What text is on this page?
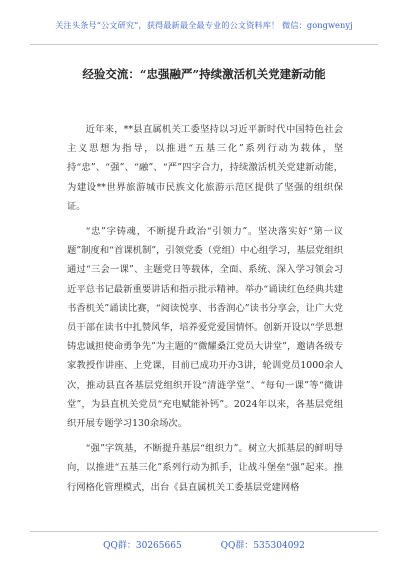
关注头条号“公文研究”，获得最新最全最专业的公文资料库！ 微信：gongwenyj
经验交流：“忠强融严”持续激活机关党建新动能

近年来，**县直属机关工委坚持以习近平新时代中国特色社会主义思想为指导，以推进“五基三化”系列行动为载体，坚持“忠”、“强”、“融”、“严”四字合力，持续激活机关党建新动能，为建设**世界旅游城市民族文化旅游示范区提供了坚强的组织保证。

“忠”字铸魂，不断提升政治“引领力”。坚决落实好“第一议题”制度和“首课机制”，引领党委（党组）中心组学习，基层党组织通过“三会一课”、主题党日等载体，全面、系统、深入学习领会习近平总书记最新重要讲话和指示批示精神。举办“诵读红色经典共建书香机关”诵读比赛，“阅读悦享、书香润心”读书分享会，让广大党员干部在读书中扎赞风华，培养爱党爱国情怀。创新开设以“学思想铸忠诚担使命勇争先”为主题的“微耀桑江党员大讲堂”，邀请各级专家教授作讲座、上党课，目前已成功开办3讲，轮训党员1000余人次，推动县直各基层党组织开设“清涟学堂”、“每旬一课”等“微讲堂”，为县直机关党员“充电赋能补钙”。2024年以来，各基层党组织开展专题学习130余场次。

“强”字筑基，不断提升基层“组织力”。树立大抓基层的鲜明导向，以推进“五基三化”系列行动为抓手，让战斗堡垒“强”起来。推行网格化管理模式，出台《县直属机关工委基层党建网格

QQ群：30265665	QQ群：535304092
